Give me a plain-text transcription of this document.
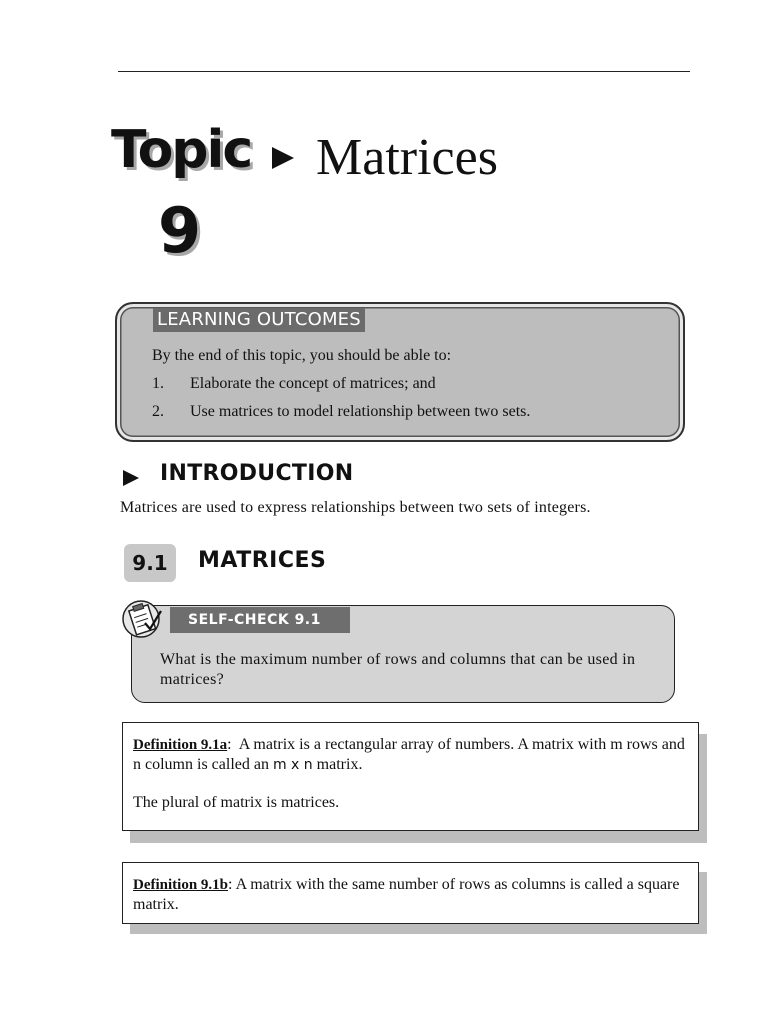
Topic
9
Matrices
LEARNING OUTCOMES
By the end of this topic, you should be able to:
1. Elaborate the concept of matrices; and
2. Use matrices to model relationship between two sets.
INTRODUCTION
Matrices are used to express relationships between two sets of integers.
9.1	MATRICES
SELF-CHECK 9.1
What is the maximum number of rows and columns that can be used in matrices?
Definition 9.1a:  A matrix is a rectangular array of numbers. A matrix with m rows and n column is called an m x n matrix.
The plural of matrix is matrices.
Definition 9.1b: A matrix with the same number of rows as columns is called a square matrix.
